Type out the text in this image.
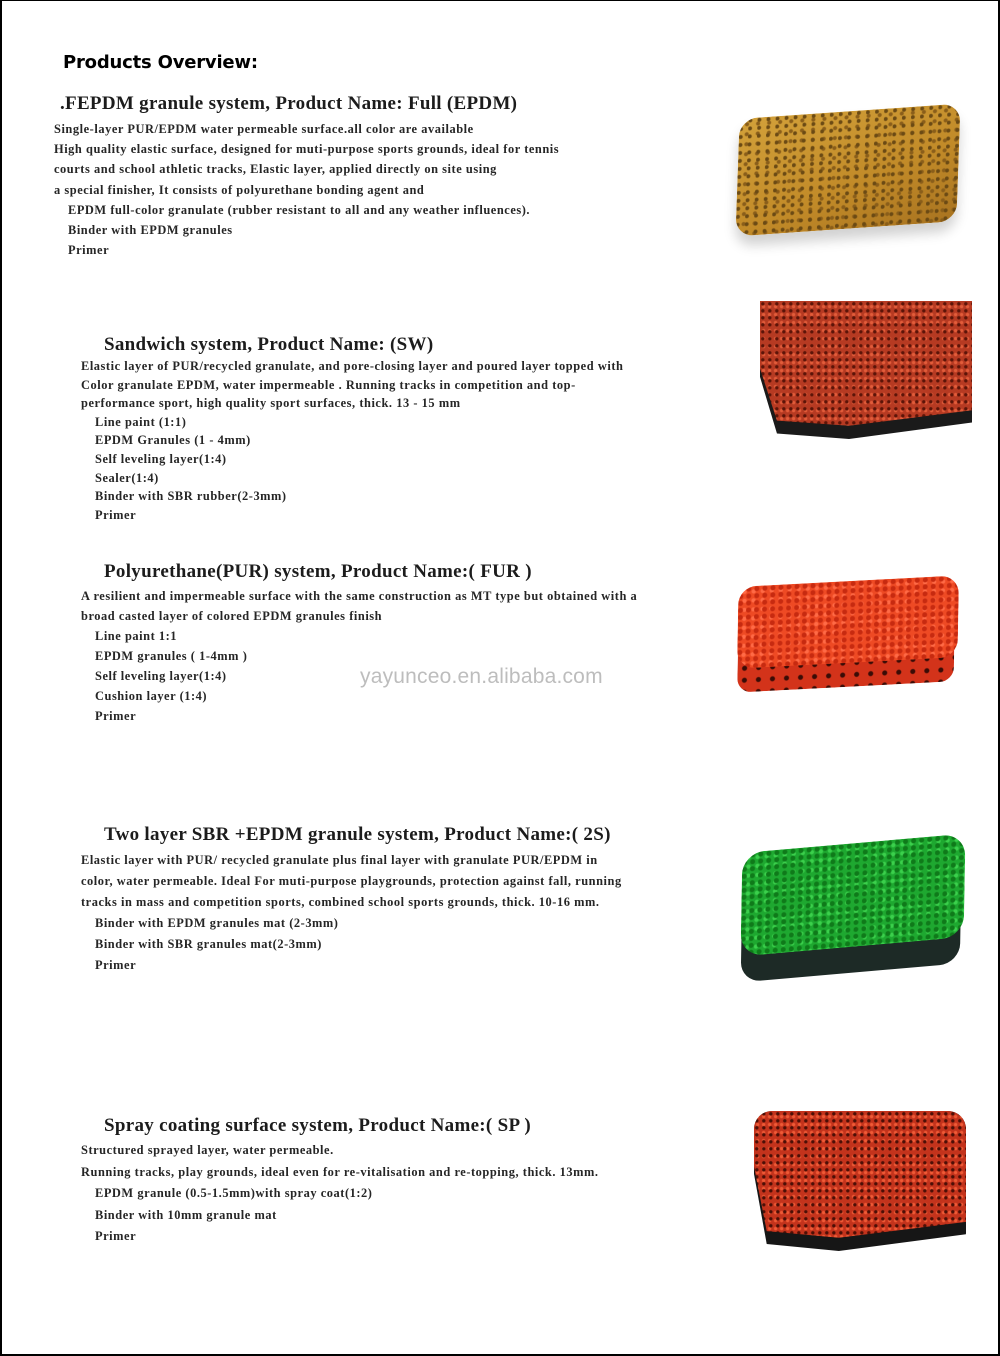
Products Overview:
.FEPDM granule system, Product Name: Full (EPDM)
Single-layer PUR/EPDM water permeable surface.all color are available
High quality elastic surface, designed for muti-purpose sports grounds, ideal for tennis
courts and school athletic tracks, Elastic layer, applied directly on site using
a special finisher, It consists of polyurethane bonding agent and
EPDM full-color granulate (rubber resistant to all and any weather influences).
Binder with EPDM granules
Primer
Sandwich system, Product Name: (SW)
Elastic layer of PUR/recycled granulate, and pore-closing layer and poured layer topped with
Color granulate EPDM, water impermeable . Running tracks in competition and top-
performance sport, high quality sport surfaces, thick. 13 - 15 mm
Line paint (1:1)
EPDM Granules (1 - 4mm)
Self leveling layer(1:4)
Sealer(1:4)
Binder with SBR rubber(2-3mm)
Primer
Polyurethane(PUR) system, Product Name:( FUR )
A resilient and impermeable surface with the same construction as MT type but obtained with a
broad casted layer of colored EPDM granules finish
Line paint 1:1
EPDM granules ( 1-4mm )
Self leveling layer(1:4)
Cushion layer (1:4)
Primer
yayunceo.en.alibaba.com
Two layer SBR +EPDM granule system, Product Name:( 2S)
Elastic layer with PUR/ recycled granulate plus final layer with granulate PUR/EPDM in
color, water permeable. Ideal For muti-purpose playgrounds, protection against fall, running
tracks in mass and competition sports, combined school sports grounds, thick. 10-16 mm.
Binder with EPDM granules mat (2-3mm)
Binder with SBR granules mat(2-3mm)
Primer
Spray coating surface system, Product Name:( SP )
Structured sprayed layer, water permeable.
Running tracks, play grounds, ideal even for re-vitalisation and re-topping, thick. 13mm.
EPDM granule (0.5-1.5mm)with spray coat(1:2)
Binder with 10mm granule mat
Primer
